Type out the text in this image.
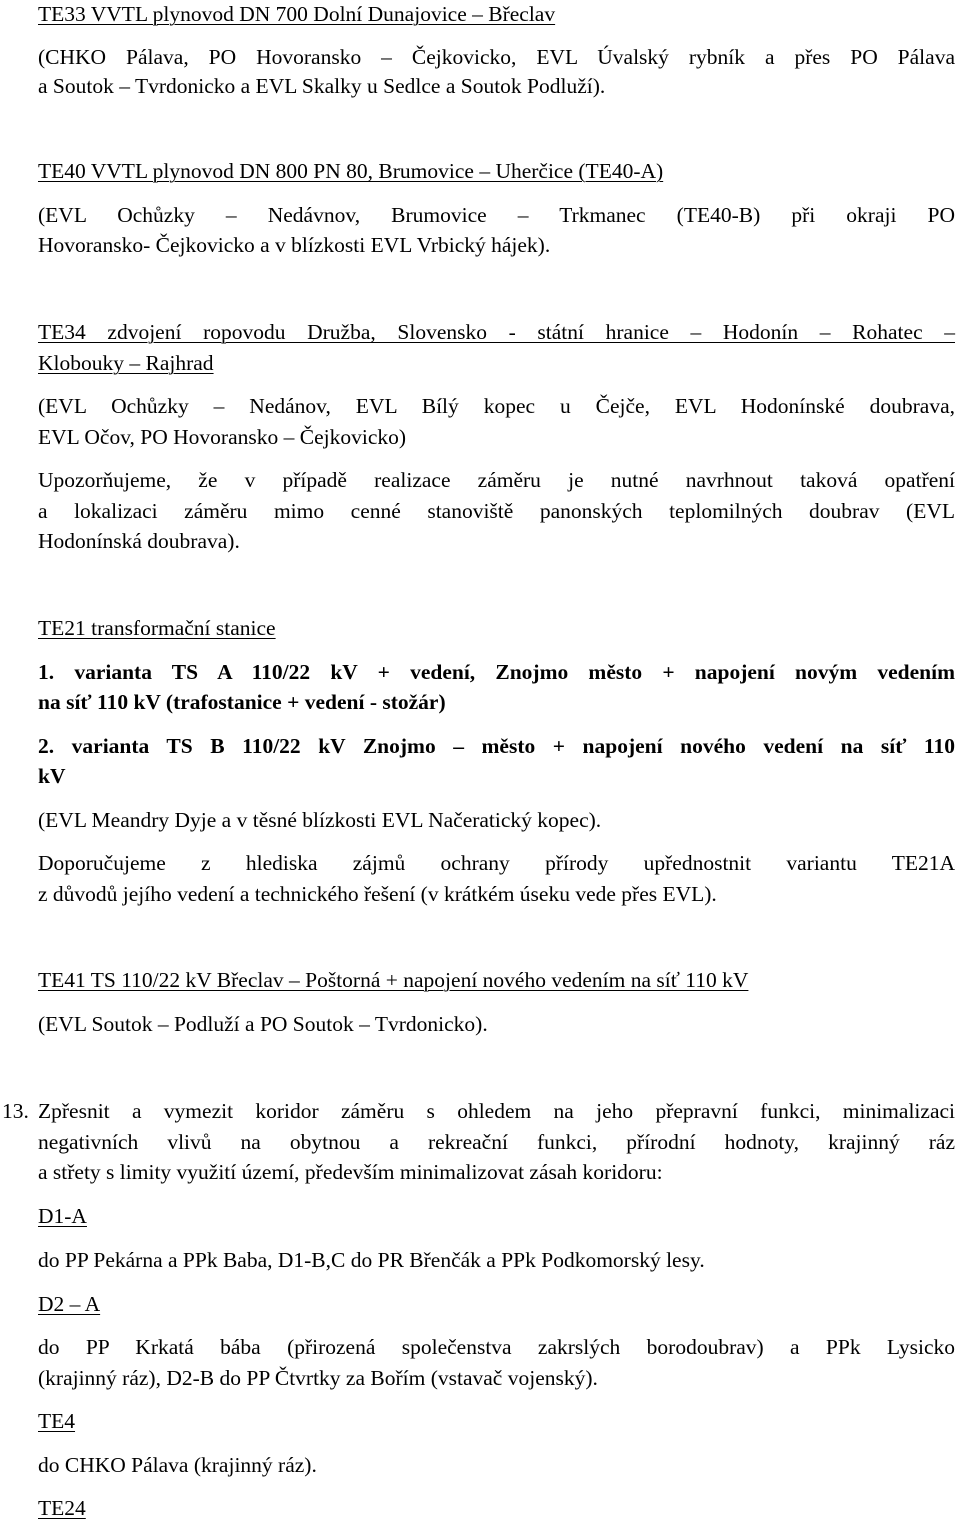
TE33 VVTL plynovod DN 700 Dolní Dunajovice – Břeclav
(CHKO Pálava, PO Hovoransko – Čejkovicko, EVL Úvalský rybník a přes PO Pálava
a Soutok – Tvrdonicko a EVL Skalky u Sedlce a Soutok Podluží).
TE40 VVTL plynovod DN 800 PN 80, Brumovice – Uherčice (TE40-A)
(EVL Ochůzky – Nedávnov, Brumovice – Trkmanec (TE40-B) při okraji PO
Hovoransko- Čejkovicko a v blízkosti EVL Vrbický hájek).
TE34 zdvojení ropovodu Družba, Slovensko - státní hranice – Hodonín – Rohatec –
Klobouky – Rajhrad
(EVL Ochůzky – Nedánov, EVL Bílý kopec u Čejče, EVL Hodonínské doubrava,
EVL Očov, PO Hovoransko – Čejkovicko)
Upozorňujeme, že v případě realizace záměru je nutné navrhnout taková opatření
a lokalizaci záměru mimo cenné stanoviště panonských teplomilných doubrav (EVL
Hodonínská doubrava).
TE21 transformační stanice
1. varianta TS A 110/22 kV + vedení, Znojmo město + napojení novým vedením
na síť 110 kV (trafostanice + vedení - stožár)
2. varianta TS B 110/22 kV Znojmo – město + napojení nového vedení na síť 110
kV
(EVL Meandry Dyje a v těsné blízkosti EVL Načeratický kopec).
Doporučujeme z hlediska zájmů ochrany přírody upřednostnit variantu TE21A
z důvodů jejího vedení a technického řešení (v krátkém úseku vede přes EVL).
TE41 TS 110/22 kV Břeclav – Poštorná + napojení nového vedením na síť 110 kV
(EVL Soutok – Podluží a PO Soutok – Tvrdonicko).
13. Zpřesnit a vymezit koridor záměru s ohledem na jeho přepravní funkci, minimalizaci
negativních vlivů na obytnou a rekreační funkci, přírodní hodnoty, krajinný ráz
a střety s limity využití území, především minimalizovat zásah koridoru:
D1-A
do PP Pekárna a PPk Baba, D1-B,C do PR Břenčák a PPk Podkomorský lesy.
D2 – A
do PP Krkatá bába (přirozená společenstva zakrslých borodoubrav) a PPk Lysicko
(krajinný ráz), D2-B do PP Čtvrtky za Bořím (vstavač vojenský).
TE4
do CHKO Pálava (krajinný ráz).
TE24
